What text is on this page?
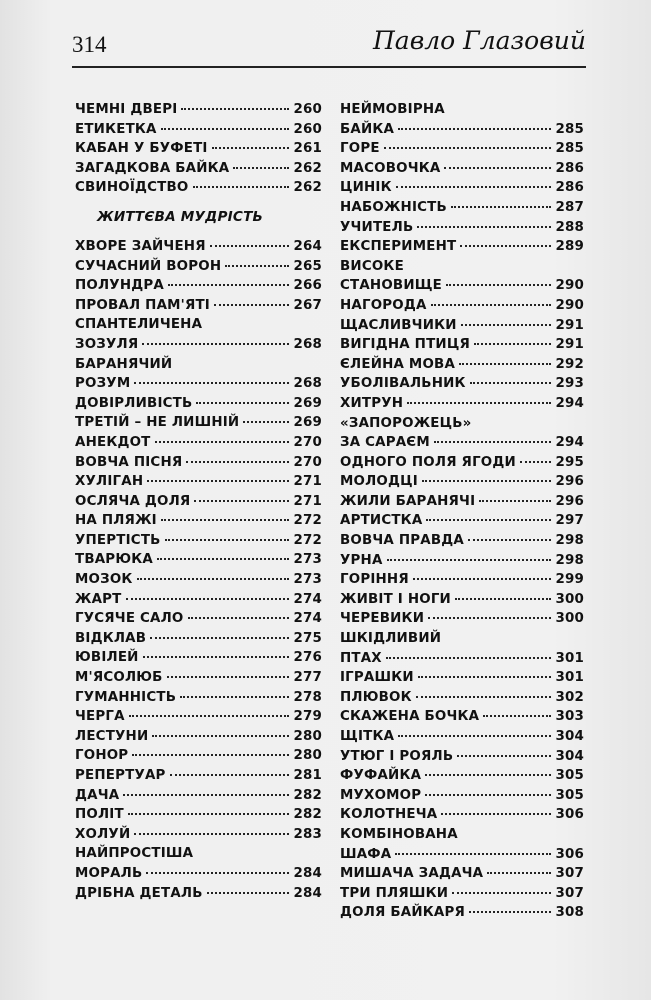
314	Павло Глазовий
ЧЕМНІ ДВЕРІ	260
ЕТИКЕТКА	260
КАБАН У БУФЕТІ	261
ЗАГАДКОВА БАЙКА	262
СВИНОЇДСТВО	262
ЖИТТЄВА МУДРІСТЬ
ХВОРЕ ЗАЙЧЕНЯ	264
СУЧАСНИЙ ВОРОН	265
ПОЛУНДРА	266
ПРОВАЛ ПАМ'ЯТІ	267
СПАНТЕЛИЧЕНА
ЗОЗУЛЯ	268
БАРАНЯЧИЙ
РОЗУМ	268
ДОВІРЛИВІСТЬ	269
ТРЕТІЙ – НЕ ЛИШНІЙ	269
АНЕКДОТ	270
ВОВЧА ПІСНЯ	270
ХУЛІГАН	271
ОСЛЯЧА ДОЛЯ	271
НА ПЛЯЖІ	272
УПЕРТІСТЬ	272
ТВАРЮКА	273
МОЗОК	273
ЖАРТ	274
ГУСЯЧЕ САЛО	274
ВІДКЛАВ	275
ЮВІЛЕЙ	276
М'ЯСОЛЮБ	277
ГУМАННІСТЬ	278
ЧЕРГА	279
ЛЕСТУНИ	280
ГОНОР	280
РЕПЕРТУАР	281
ДАЧА	282
ПОЛІТ	282
ХОЛУЙ	283
НАЙПРОСТІША
МОРАЛЬ	284
ДРІБНА ДЕТАЛЬ	284
НЕЙМОВІРНА
БАЙКА	285
ГОРЕ	285
МАСОВОЧКА	286
ЦИНІК	286
НАБОЖНІСТЬ	287
УЧИТЕЛЬ	288
ЕКСПЕРИМЕНТ	289
ВИСОКЕ
СТАНОВИЩЕ	290
НАГОРОДА	290
ЩАСЛИВЧИКИ	291
ВИГІДНА ПТИЦЯ	291
ЄЛЕЙНА МОВА	292
УБОЛІВАЛЬНИК	293
ХИТРУН	294
«ЗАПОРОЖЕЦЬ»
ЗА САРАЄМ	294
ОДНОГО ПОЛЯ ЯГОДИ	295
МОЛОДЦІ	296
ЖИЛИ БАРАНЯЧІ	296
АРТИСТКА	297
ВОВЧА ПРАВДА	298
УРНА	298
ГОРІННЯ	299
ЖИВІТ І НОГИ	300
ЧЕРЕВИКИ	300
ШКІДЛИВИЙ
ПТАХ	301
ІГРАШКИ	301
ПЛЮВОК	302
СКАЖЕНА БОЧКА	303
ЩІТКА	304
УТЮГ І РОЯЛЬ	304
ФУФАЙКА	305
МУХОМОР	305
КОЛОТНЕЧА	306
КОМБІНОВАНА
ШАФА	306
МИШАЧА ЗАДАЧА	307
ТРИ ПЛЯШКИ	307
ДОЛЯ БАЙКАРЯ	308
